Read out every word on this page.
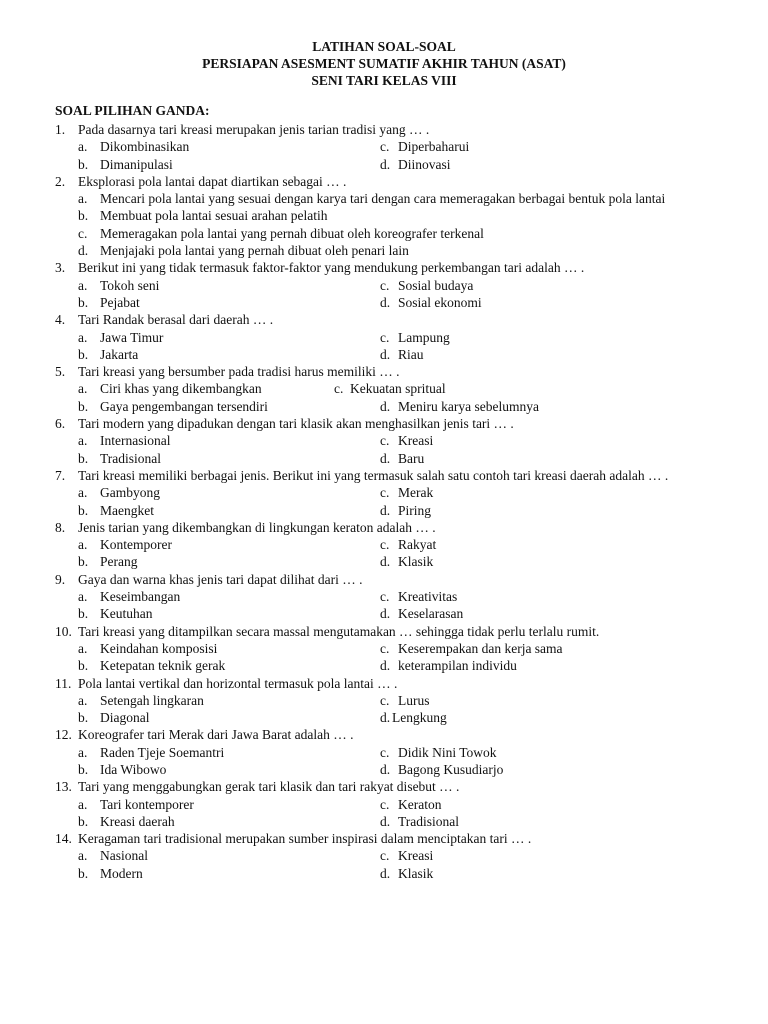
LATIHAN SOAL-SOAL
PERSIAPAN ASESMENT SUMATIF AKHIR TAHUN (ASAT)
SENI TARI KELAS VIII
SOAL PILIHAN GANDA:
1. Pada dasarnya tari kreasi merupakan jenis tarian tradisi yang … .
a. Dikombinasikan	c. Diperbaharui
b. Dimanipulasi	d. Diinovasi
2. Eksplorasi pola lantai dapat diartikan sebagai … .
a. Mencari pola lantai yang sesuai dengan karya tari dengan cara memeragakan berbagai bentuk pola lantai
b. Membuat pola lantai sesuai arahan pelatih
c. Memeragakan pola lantai yang pernah dibuat oleh koreografer terkenal
d. Menjajaki pola lantai yang pernah dibuat oleh penari lain
3. Berikut ini yang tidak termasuk faktor-faktor yang mendukung perkembangan tari adalah … .
a. Tokoh seni	c. Sosial budaya
b. Pejabat	d. Sosial ekonomi
4. Tari Randak berasal dari daerah … .
a. Jawa Timur	c. Lampung
b. Jakarta	d. Riau
5. Tari kreasi yang bersumber pada tradisi harus memiliki … .
a. Ciri khas yang dikembangkan	c. Kekuatan spritual
b. Gaya pengembangan tersendiri	d. Meniru karya sebelumnya
6. Tari modern yang dipadukan dengan tari klasik akan menghasilkan jenis tari … .
a. Internasional	c. Kreasi
b. Tradisional	d. Baru
7. Tari kreasi memiliki berbagai jenis. Berikut ini yang termasuk salah satu contoh tari kreasi daerah adalah … .
a. Gambyong	c. Merak
b. Maengket	d. Piring
8. Jenis tarian yang dikembangkan di lingkungan keraton adalah … .
a. Kontemporer	c. Rakyat
b. Perang	d. Klasik
9. Gaya dan warna khas jenis tari dapat dilihat dari … .
a. Keseimbangan	c. Kreativitas
b. Keutuhan	d. Keselarasan
10. Tari kreasi yang ditampilkan secara massal mengutamakan … sehingga tidak perlu terlalu rumit.
a. Keindahan komposisi	c. Keserempakan dan kerja sama
b. Ketepatan teknik gerak	d. keterampilan individu
11. Pola lantai vertikal dan horizontal termasuk pola lantai … .
a. Setengah lingkaran	c. Lurus
b. Diagonal	d. Lengkung
12. Koreografer tari Merak dari Jawa Barat adalah … .
a. Raden Tjeje Soemantri	c. Didik Nini Towok
b. Ida Wibowo	d. Bagong Kusudiarjo
13. Tari yang menggabungkan gerak tari klasik dan tari rakyat disebut … .
a. Tari kontemporer	c. Keraton
b. Kreasi daerah	d. Tradisional
14. Keragaman tari tradisional merupakan sumber inspirasi dalam menciptakan tari … .
a. Nasional	c. Kreasi
b. Modern	d. Klasik
